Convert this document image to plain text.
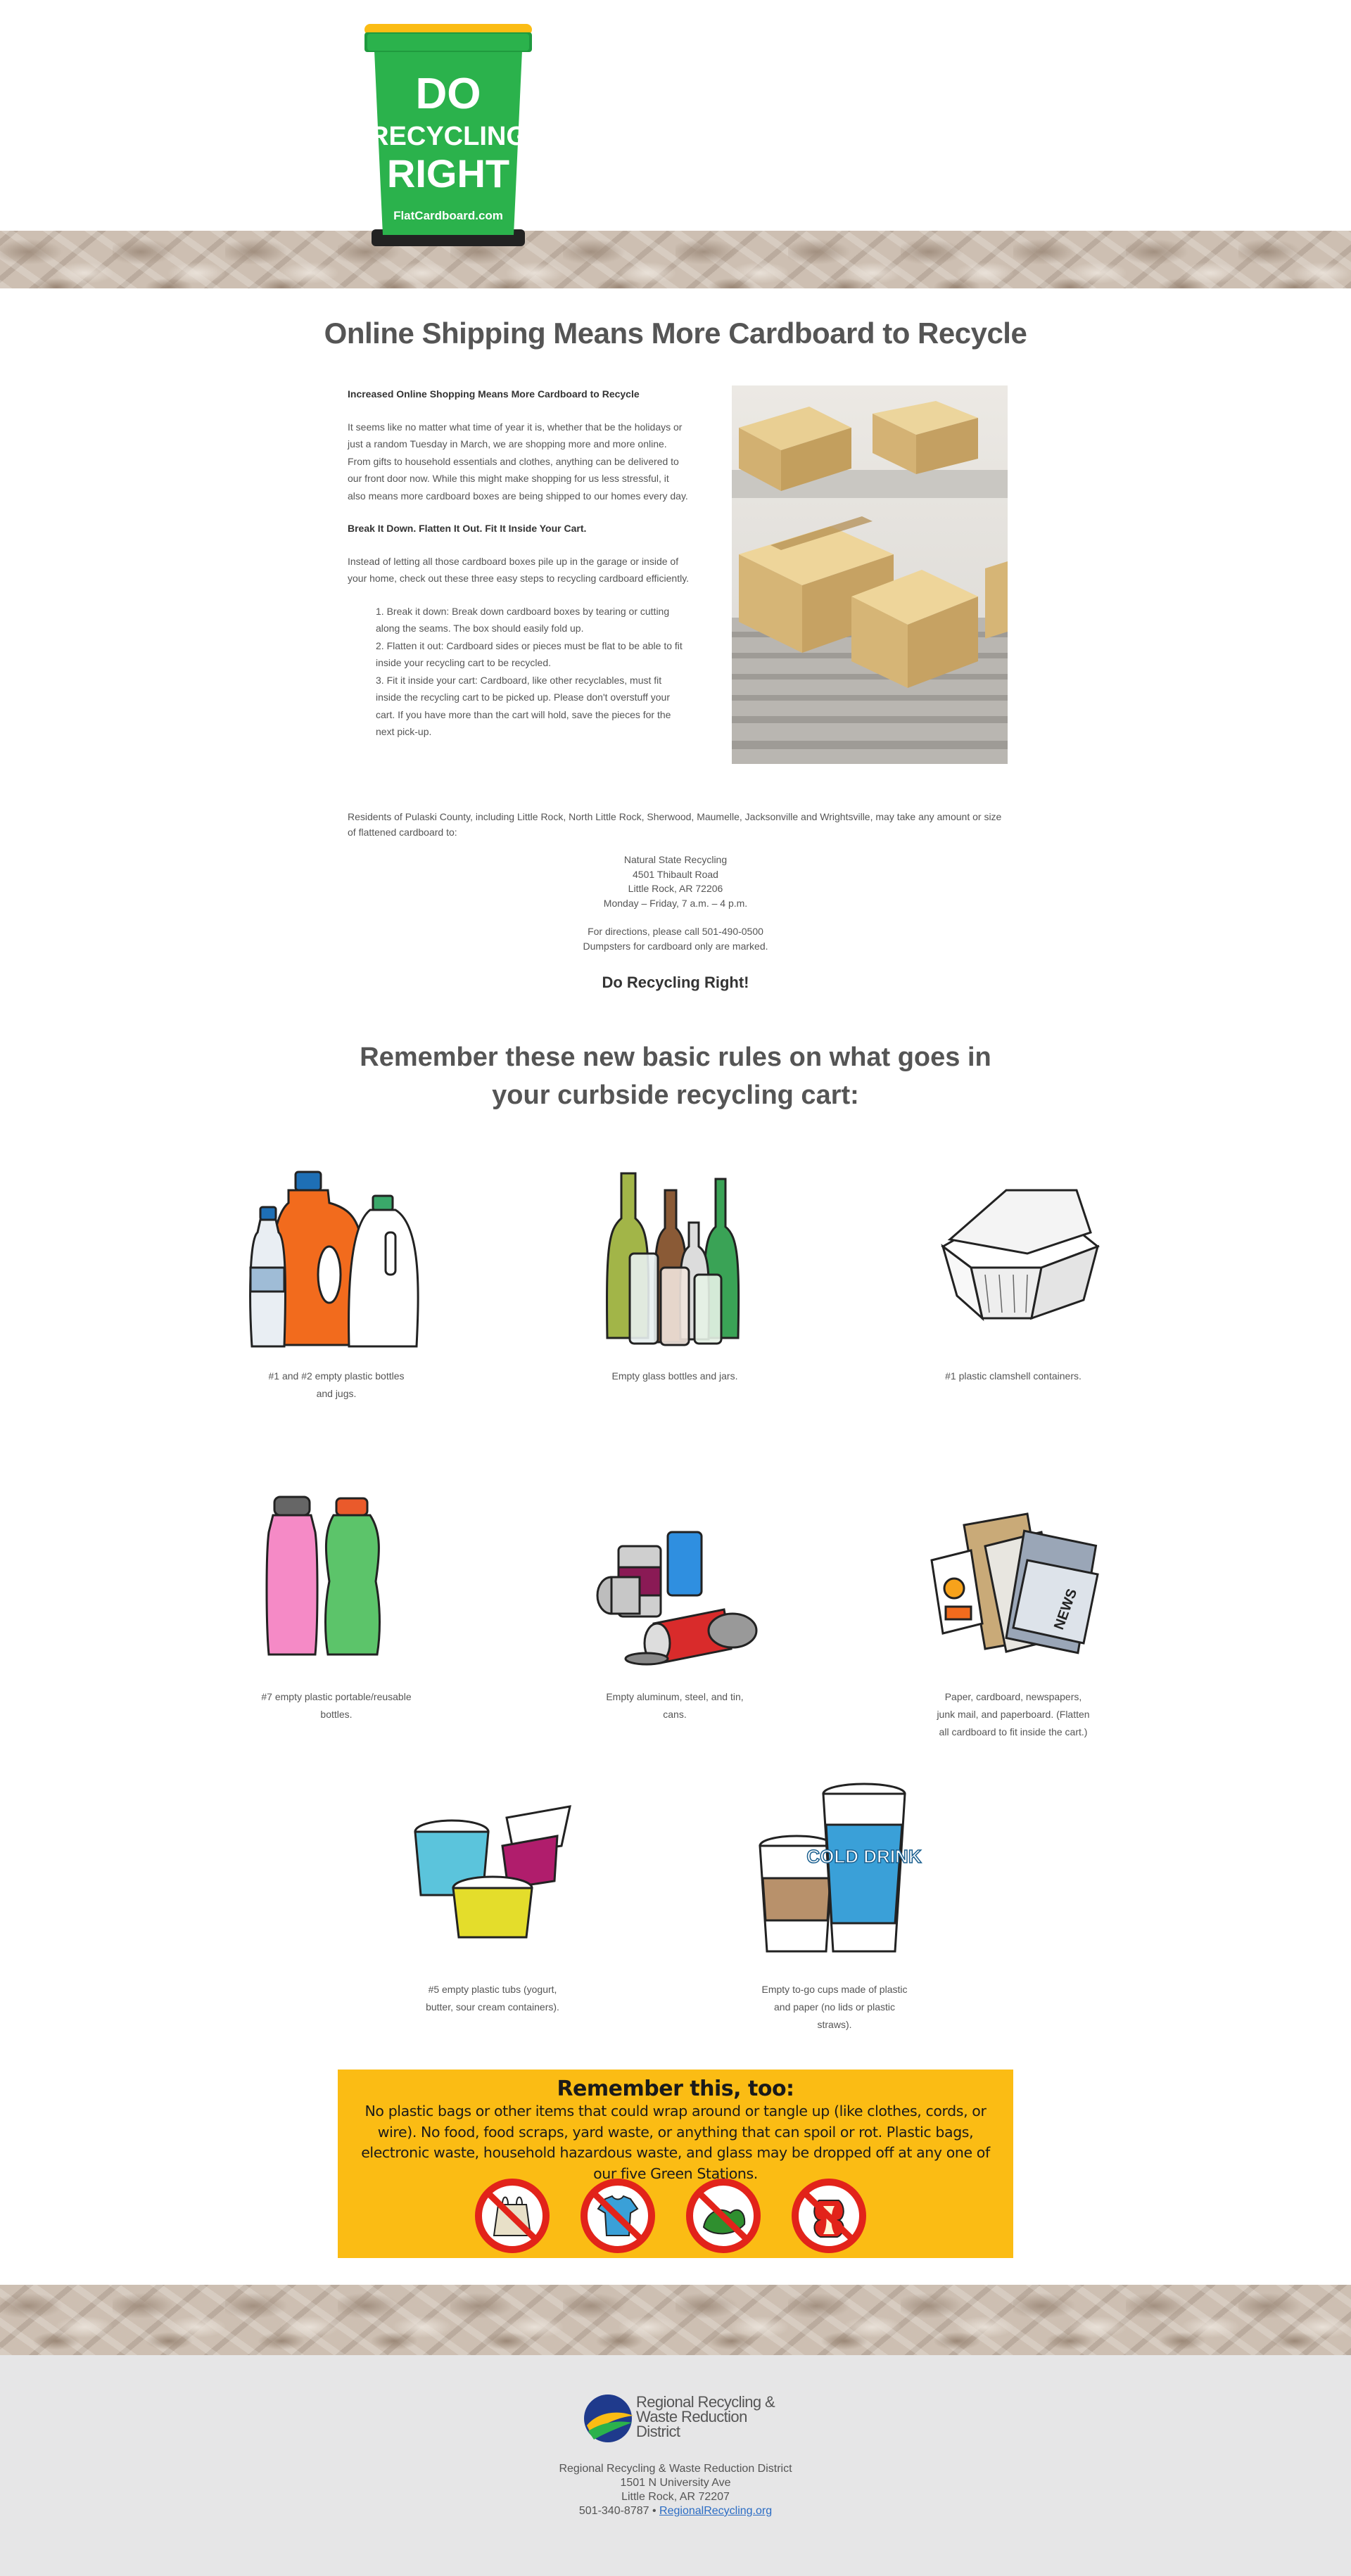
DO
RECYCLING
RIGHT
FlatCardboard.com
Online Shipping Means More Cardboard to Recycle

Increased Online Shopping Means More Cardboard to Recycle

It seems like no matter what time of year it is, whether that be the holidays or just a random Tuesday in March, we are shopping more and more online. From gifts to household essentials and clothes, anything can be delivered to our front door now. While this might make shopping for us less stressful, it also means more cardboard boxes are being shipped to our homes every day.

Break It Down. Flatten It Out. Fit It Inside Your Cart.

Instead of letting all those cardboard boxes pile up in the garage or inside of your home, check out these three easy steps to recycling cardboard efficiently.

1. Break it down: Break down cardboard boxes by tearing or cutting along the seams. The box should easily fold up.
2. Flatten it out: Cardboard sides or pieces must be flat to be able to fit inside your recycling cart to be recycled.
3. Fit it inside your cart: Cardboard, like other recyclables, must fit inside the recycling cart to be picked up. Please don't overstuff your cart. If you have more than the cart will hold, save the pieces for the next pick-up.

Residents of Pulaski County, including Little Rock, North Little Rock, Sherwood, Maumelle, Jacksonville and Wrightsville, may take any amount or size of flattened cardboard to:

Natural State Recycling
4501 Thibault Road
Little Rock, AR 72206
Monday – Friday, 7 a.m. – 4 p.m.
For directions, please call 501-490-0500
Dumpsters for cardboard only are marked.
Do Recycling Right!
Remember these new basic rules on what goes in your curbside recycling cart:
#1 and #2 empty plastic bottles and jugs.
Empty glass bottles and jars.	#1 plastic clamshell containers.
#7 empty plastic portable/reusable bottles.
Empty aluminum, steel, and tin, cans.
NEWS
Paper, cardboard, newspapers, junk mail, and paperboard. (Flatten all cardboard to fit inside the cart.)
#5 empty plastic tubs (yogurt, butter, sour cream containers).
COLD DRINK
Empty to-go cups made of plastic and paper (no lids or plastic straws).
Remember this, too:
No plastic bags or other items that could wrap around or tangle up (like clothes, cords, or wire). No food, food scraps, yard waste, or anything that can spoil or rot. Plastic bags, electronic waste, household hazardous waste, and glass may be dropped off at any one of our five Green Stations.
Regional Recycling & Waste Reduction District
Regional Recycling & Waste Reduction District
1501 N University Ave
Little Rock, AR 72207
501-340-8787 • RegionalRecycling.org
